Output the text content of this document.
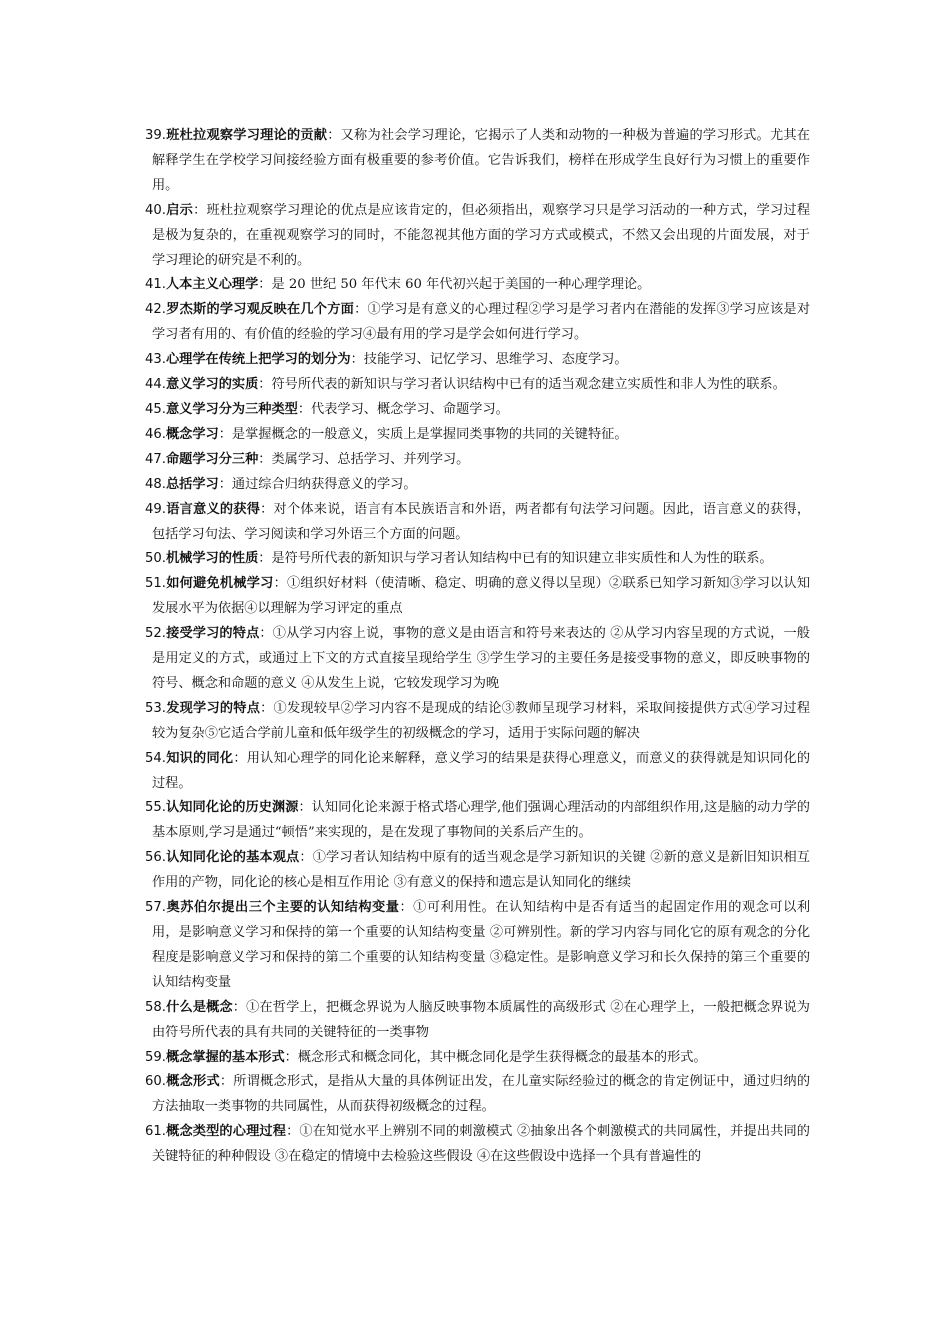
39.班杜拉观察学习理论的贡献：又称为社会学习理论，它揭示了人类和动物的一种极为普遍的学习形式。尤其在解释学生在学校学习间接经验方面有极重要的参考价值。它告诉我们，榜样在形成学生良好行为习惯上的重要作用。
40.启示：班杜拉观察学习理论的优点是应该肯定的，但必须指出，观察学习只是学习活动的一种方式，学习过程是极为复杂的，在重视观察学习的同时，不能忽视其他方面的学习方式或模式，不然又会出现的片面发展，对于学习理论的研究是不利的。
41.人本主义心理学：是 20 世纪 50 年代末 60 年代初兴起于美国的一种心理学理论。
42.罗杰斯的学习观反映在几个方面：①学习是有意义的心理过程②学习是学习者内在潜能的发挥③学习应该是对学习者有用的、有价值的经验的学习④最有用的学习是学会如何进行学习。
43.心理学在传统上把学习的划分为：技能学习、记忆学习、思维学习、态度学习。
44.意义学习的实质：符号所代表的新知识与学习者认识结构中已有的适当观念建立实质性和非人为性的联系。
45.意义学习分为三种类型：代表学习、概念学习、命题学习。
46.概念学习：是掌握概念的一般意义，实质上是掌握同类事物的共同的关键特征。
47.命题学习分三种：类属学习、总括学习、并列学习。
48.总括学习：通过综合归纳获得意义的学习。
49.语言意义的获得：对个体来说，语言有本民族语言和外语，两者都有句法学习问题。因此，语言意义的获得，包括学习句法、学习阅读和学习外语三个方面的问题。
50.机械学习的性质：是符号所代表的新知识与学习者认知结构中已有的知识建立非实质性和人为性的联系。
51.如何避免机械学习：①组织好材料（使清晰、稳定、明确的意义得以呈现）②联系已知学习新知③学习以认知发展水平为依据④以理解为学习评定的重点
52.接受学习的特点：①从学习内容上说，事物的意义是由语言和符号来表达的 ②从学习内容呈现的方式说，一般是用定义的方式，或通过上下文的方式直接呈现给学生 ③学生学习的主要任务是接受事物的意义，即反映事物的符号、概念和命题的意义 ④从发生上说，它较发现学习为晚
53.发现学习的特点：①发现较早②学习内容不是现成的结论③教师呈现学习材料，采取间接提供方式④学习过程较为复杂⑤它适合学前儿童和低年级学生的初级概念的学习，适用于实际问题的解决
54.知识的同化：用认知心理学的同化论来解释，意义学习的结果是获得心理意义，而意义的获得就是知识同化的过程。
55.认知同化论的历史渊源：认知同化论来源于格式塔心理学,他们强调心理活动的内部组织作用,这是脑的动力学的基本原则,学习是通过“顿悟”来实现的，是在发现了事物间的关系后产生的。
56.认知同化论的基本观点：①学习者认知结构中原有的适当观念是学习新知识的关键 ②新的意义是新旧知识相互作用的产物，同化论的核心是相互作用论 ③有意义的保持和遗忘是认知同化的继续
57.奥苏伯尔提出三个主要的认知结构变量：①可利用性。在认知结构中是否有适当的起固定作用的观念可以利用，是影响意义学习和保持的第一个重要的认知结构变量 ②可辨别性。新的学习内容与同化它的原有观念的分化程度是影响意义学习和保持的第二个重要的认知结构变量 ③稳定性。是影响意义学习和长久保持的第三个重要的认知结构变量
58.什么是概念：①在哲学上，把概念界说为人脑反映事物本质属性的高级形式 ②在心理学上，一般把概念界说为由符号所代表的具有共同的关键特征的一类事物
59.概念掌握的基本形式：概念形式和概念同化，其中概念同化是学生获得概念的最基本的形式。
60.概念形式：所谓概念形式，是指从大量的具体例证出发，在儿童实际经验过的概念的肯定例证中，通过归纳的方法抽取一类事物的共同属性，从而获得初级概念的过程。
61.概念类型的心理过程：①在知觉水平上辨别不同的刺激模式 ②抽象出各个刺激模式的共同属性，并提出共同的关键特征的种种假设 ③在稳定的情境中去检验这些假设 ④在这些假设中选择一个具有普遍性的
